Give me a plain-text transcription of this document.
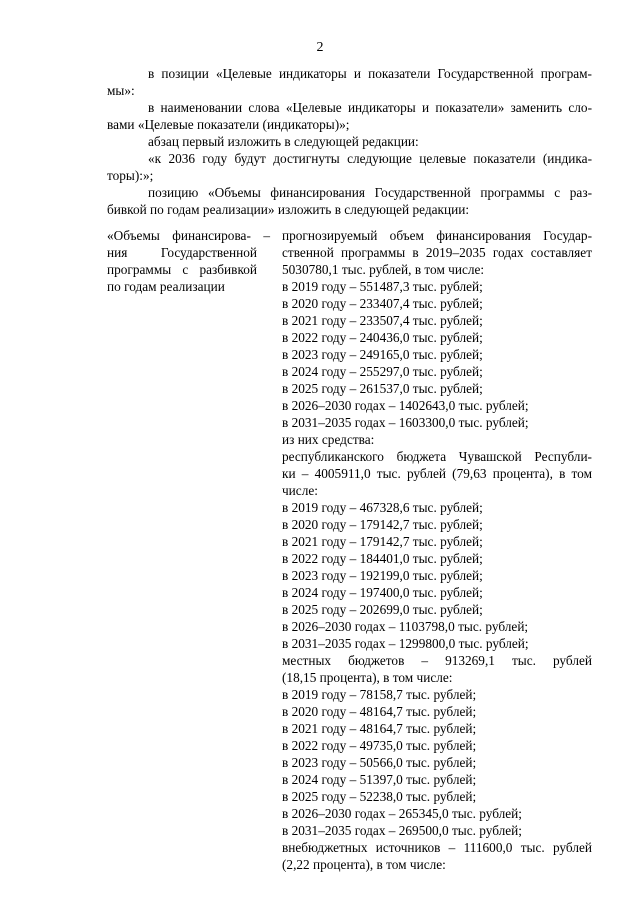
2
в позиции «Целевые индикаторы и показатели Государственной програм-
мы»:
в наименовании слова «Целевые индикаторы и показатели» заменить сло-
вами «Целевые показатели (индикаторы)»;
абзац первый изложить в следующей редакции:
«к 2036 году будут достигнуты следующие целевые показатели (индика-
торы):»;
позицию «Объемы финансирования Государственной программы с раз-
бивкой по годам реализации» изложить в следующей редакции:
«Объемы финансирова- –
ния Государственной
программы с разбивкой
по годам реализации
прогнозируемый объем финансирования Государ-
ственной программы в 2019–2035 годах составляет
5030780,1 тыс. рублей, в том числе:
в 2019 году – 551487,3 тыс. рублей;
в 2020 году – 233407,4 тыс. рублей;
в 2021 году – 233507,4 тыс. рублей;
в 2022 году – 240436,0 тыс. рублей;
в 2023 году – 249165,0 тыс. рублей;
в 2024 году – 255297,0 тыс. рублей;
в 2025 году – 261537,0 тыс. рублей;
в 2026–2030 годах – 1402643,0 тыс. рублей;
в 2031–2035 годах – 1603300,0 тыс. рублей;
из них средства:
республиканского бюджета Чувашской Республи-
ки – 4005911,0 тыс. рублей (79,63 процента), в том
числе:
в 2019 году – 467328,6 тыс. рублей;
в 2020 году – 179142,7 тыс. рублей;
в 2021 году – 179142,7 тыс. рублей;
в 2022 году – 184401,0 тыс. рублей;
в 2023 году – 192199,0 тыс. рублей;
в 2024 году – 197400,0 тыс. рублей;
в 2025 году – 202699,0 тыс. рублей;
в 2026–2030 годах – 1103798,0 тыс. рублей;
в 2031–2035 годах – 1299800,0 тыс. рублей;
местных бюджетов – 913269,1 тыс. рублей
(18,15 процента), в том числе:
в 2019 году – 78158,7 тыс. рублей;
в 2020 году – 48164,7 тыс. рублей;
в 2021 году – 48164,7 тыс. рублей;
в 2022 году – 49735,0 тыс. рублей;
в 2023 году – 50566,0 тыс. рублей;
в 2024 году – 51397,0 тыс. рублей;
в 2025 году – 52238,0 тыс. рублей;
в 2026–2030 годах – 265345,0 тыс. рублей;
в 2031–2035 годах – 269500,0 тыс. рублей;
внебюджетных источников – 111600,0 тыс. рублей
(2,22 процента), в том числе:
